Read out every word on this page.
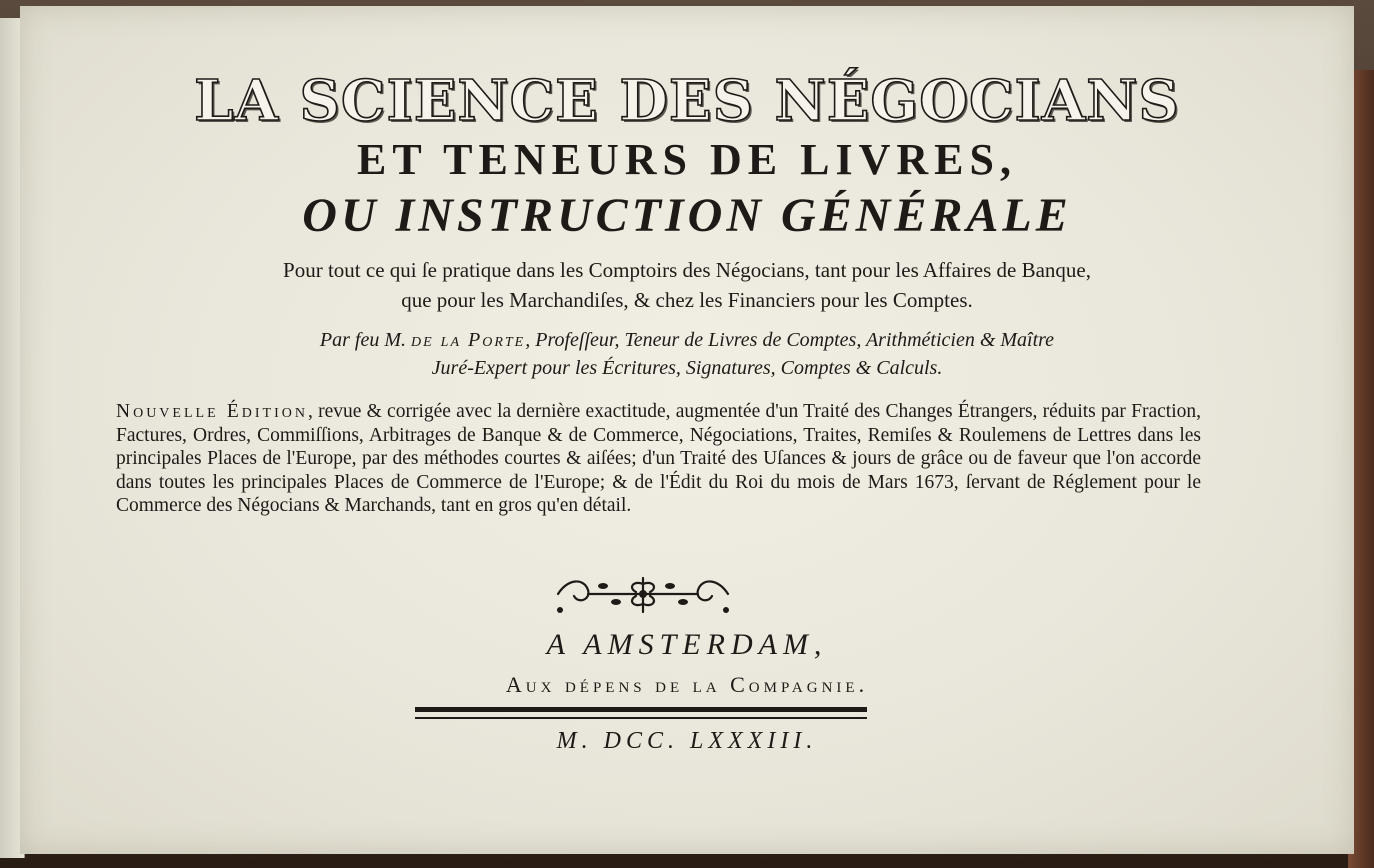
LA SCIENCE DES NÉGOCIANS
ET TENEURS DE LIVRES,
OU INSTRUCTION GÉNÉRALE
Pour tout ce qui ſe pratique dans les Comptoirs des Négocians, tant pour les Affaires de Banque,
que pour les Marchandiſes, & chez les Financiers pour les Comptes.
Par feu M. de la Porte, Profeſſeur, Teneur de Livres de Comptes, Arithméticien & Maître
Juré-Expert pour les Écritures, Signatures, Comptes & Calculs.
Nouvelle Édition, revue & corrigée avec la dernière exactitude, augmentée d'un Traité des Changes Étrangers, réduits par Fraction, Factures, Ordres, Commiſſions, Arbitrages de Banque & de Commerce, Négociations, Traites, Remiſes & Roulemens de Lettres dans les principales Places de l'Europe, par des méthodes courtes & aiſées; d'un Traité des Uſances & jours de grâce ou de faveur que l'on accorde dans toutes les principales Places de Commerce de l'Europe; & de l'Édit du Roi du mois de Mars 1673, ſervant de Réglement pour le Commerce des Négocians & Marchands, tant en gros qu'en détail.
A AMSTERDAM,
Aux dépens de la Compagnie.
M. DCC. LXXXIII.
